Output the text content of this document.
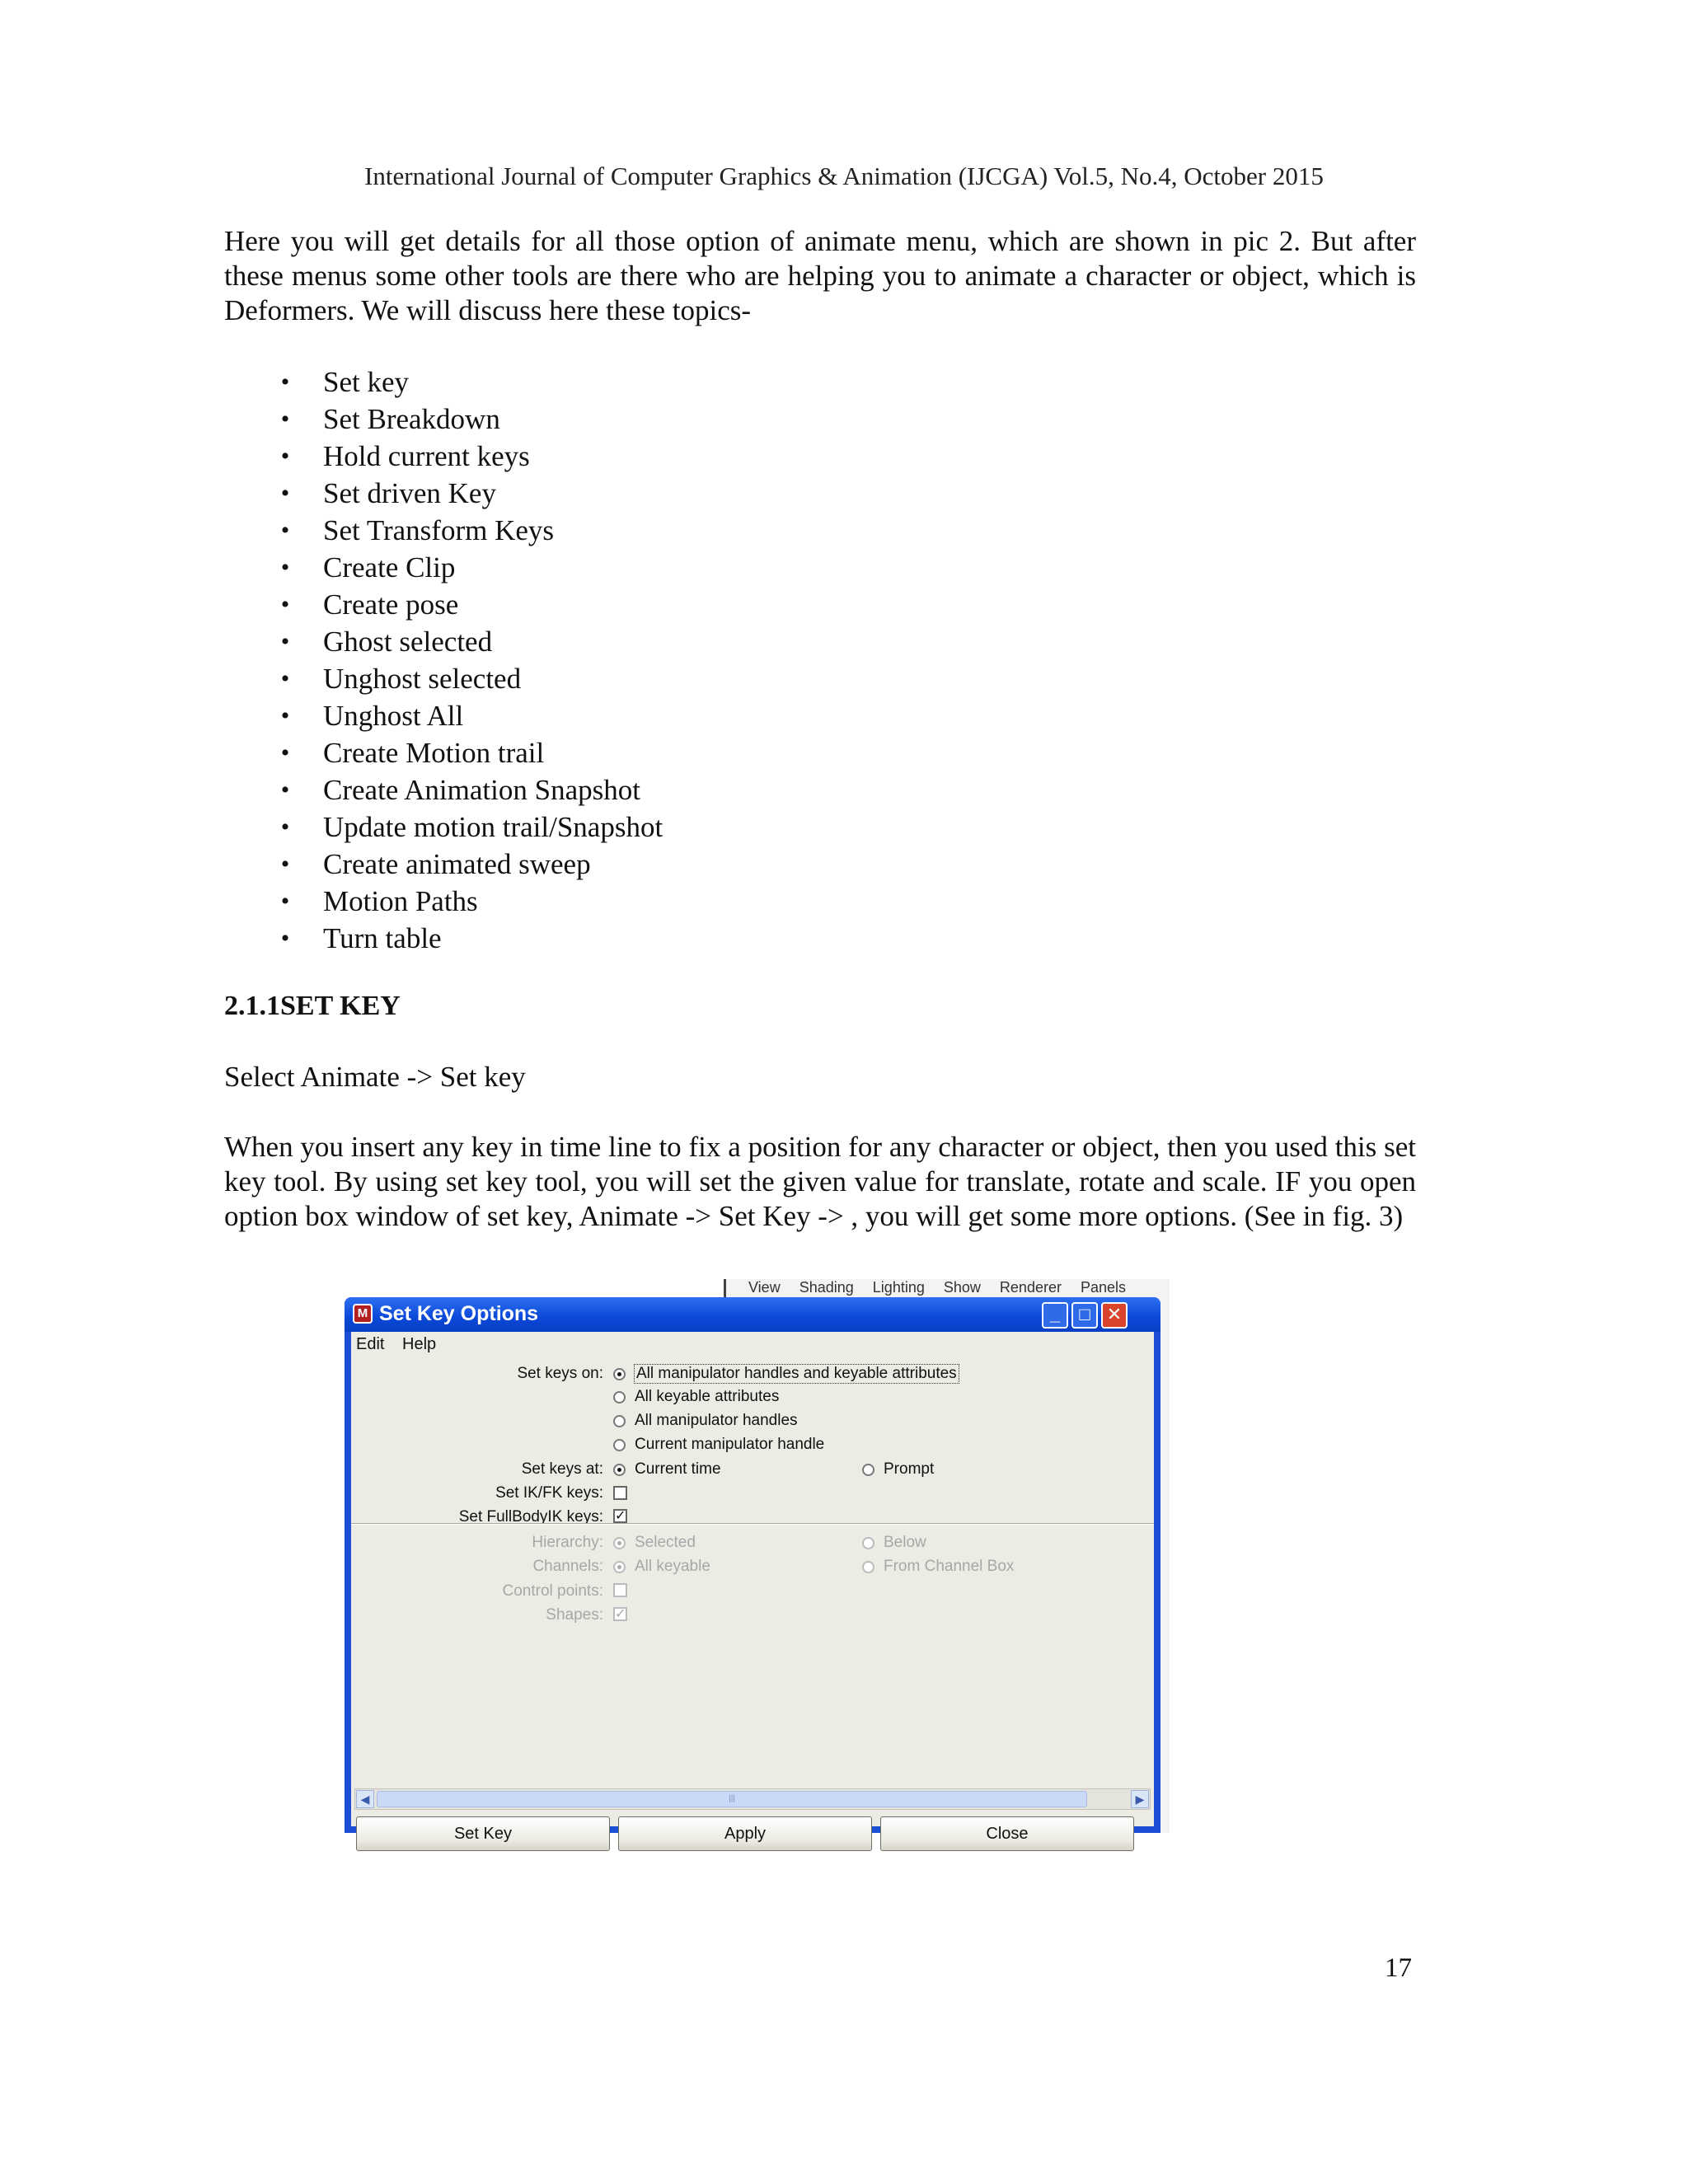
International Journal of Computer Graphics & Animation (IJCGA) Vol.5, No.4, October 2015
Here you will get details for all those option of animate menu, which are shown in pic 2. But after these menus some other tools are there who are helping you to animate a character or object, which is Deformers. We will discuss here these topics-
• Set key
• Set Breakdown
• Hold current keys
• Set driven Key
• Set Transform Keys
• Create Clip
• Create pose
• Ghost selected
• Unghost selected
• Unghost All
• Create Motion trail
• Create Animation Snapshot
• Update motion trail/Snapshot
• Create animated sweep
• Motion Paths
• Turn table
2.1.1SET KEY
Select Animate -> Set key
When you insert any key in time line to fix a position for any character or object, then you used this set key tool. By using set key tool, you will set the given value for translate, rotate and scale. IF you open option box window of set key, Animate -> Set Key -> , you will get some more options. (See in fig. 3)
View Shading Lighting Show Renderer Panels
M Set Key Options	_	□ ✕
Edit Help
Set keys on: All manipulator handles and keyable attributes
All keyable attributes
All manipulator handles
Current manipulator handle
Set keys at: Current time	Prompt
Set IK/FK keys:
Set FullBodyIK keys: ✓
Hierarchy: Selected	Below
Channels: All keyable	From Channel Box
Control points:
Shapes: ✓
◀	|||	▶
Set Key	Apply	Close
17
